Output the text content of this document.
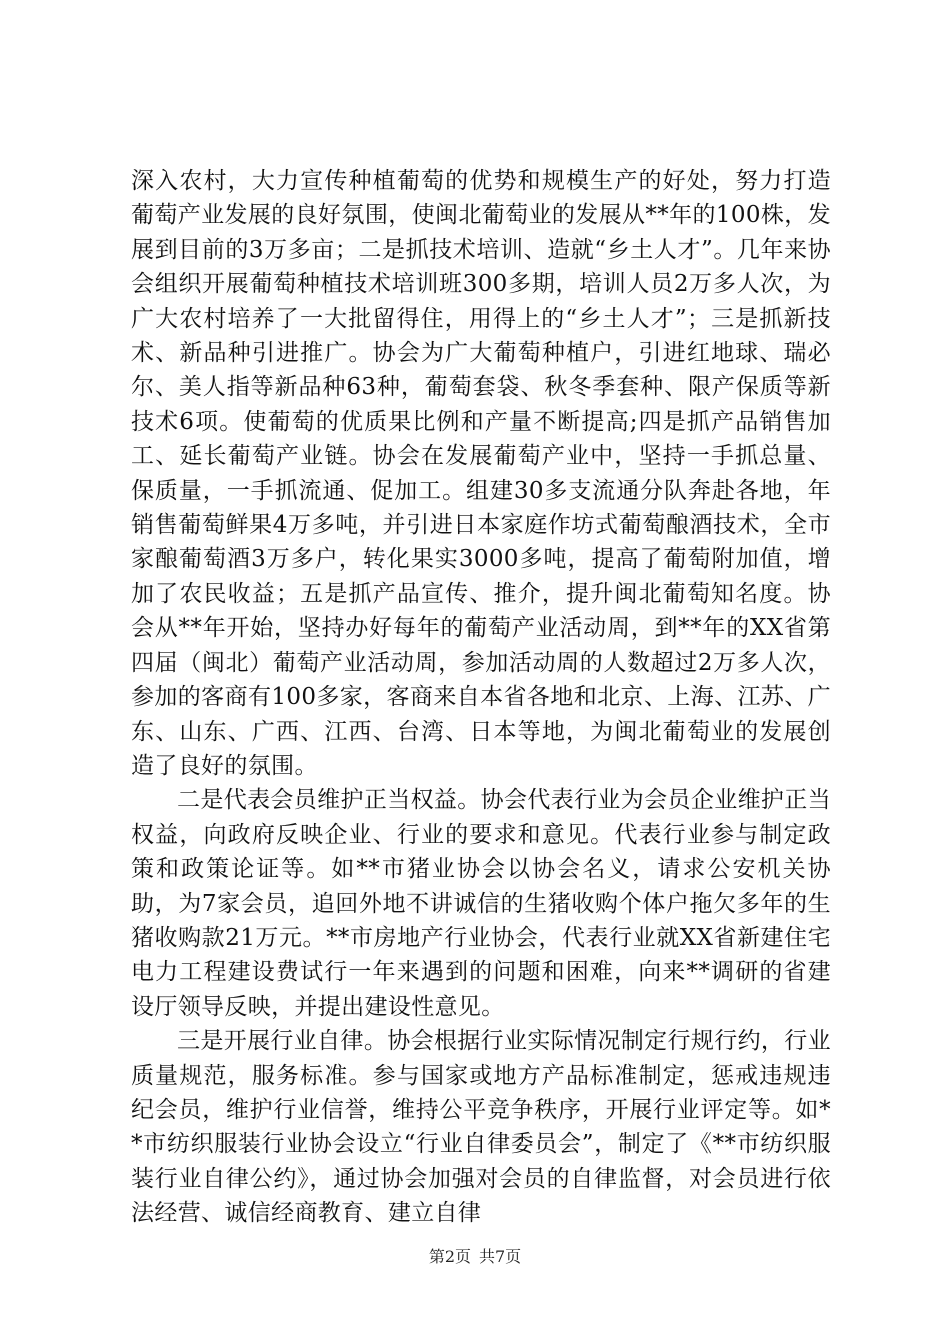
深入农村，大力宣传种植葡萄的优势和规模生产的好处，努力打造葡萄产业发展的良好氛围，使闽北葡萄业的发展从**年的100株，发展到目前的3万多亩；二是抓技术培训、造就“乡土人才”。几年来协会组织开展葡萄种植技术培训班300多期，培训人员2万多人次，为广大农村培养了一大批留得住，用得上的“乡土人才”；三是抓新技术、新品种引进推广。协会为广大葡萄种植户，引进红地球、瑞必尔、美人指等新品种63种，葡萄套袋、秋冬季套种、限产保质等新技术6项。使葡萄的优质果比例和产量不断提高;四是抓产品销售加工、延长葡萄产业链。协会在发展葡萄产业中，坚持一手抓总量、保质量，一手抓流通、促加工。组建30多支流通分队奔赴各地，年销售葡萄鲜果4万多吨，并引进日本家庭作坊式葡萄酿酒技术，全市家酿葡萄酒3万多户，转化果实3000多吨，提高了葡萄附加值，增加了农民收益；五是抓产品宣传、推介，提升闽北葡萄知名度。协会从**年开始，坚持办好每年的葡萄产业活动周，到**年的XX省第四届（闽北）葡萄产业活动周，参加活动周的人数超过2万多人次，参加的客商有100多家，客商来自本省各地和北京、上海、江苏、广东、山东、广西、江西、台湾、日本等地，为闽北葡萄业的发展创造了良好的氛围。

二是代表会员维护正当权益。协会代表行业为会员企业维护正当权益，向政府反映企业、行业的要求和意见。代表行业参与制定政策和政策论证等。如**市猪业协会以协会名义，请求公安机关协助，为7家会员，追回外地不讲诚信的生猪收购个体户拖欠多年的生猪收购款21万元。**市房地产行业协会，代表行业就XX省新建住宅电力工程建设费试行一年来遇到的问题和困难，向来**调研的省建设厅领导反映，并提出建设性意见。

三是开展行业自律。协会根据行业实际情况制定行规行约，行业质量规范，服务标准。参与国家或地方产品标准制定，惩戒违规违纪会员，维护行业信誉，维持公平竞争秩序，开展行业评定等。如**市纺织服装行业协会设立“行业自律委员会”，制定了《**市纺织服装行业自律公约》，通过协会加强对会员的自律监督，对会员进行依法经营、诚信经商教育、建立自律

第2页 共7页
